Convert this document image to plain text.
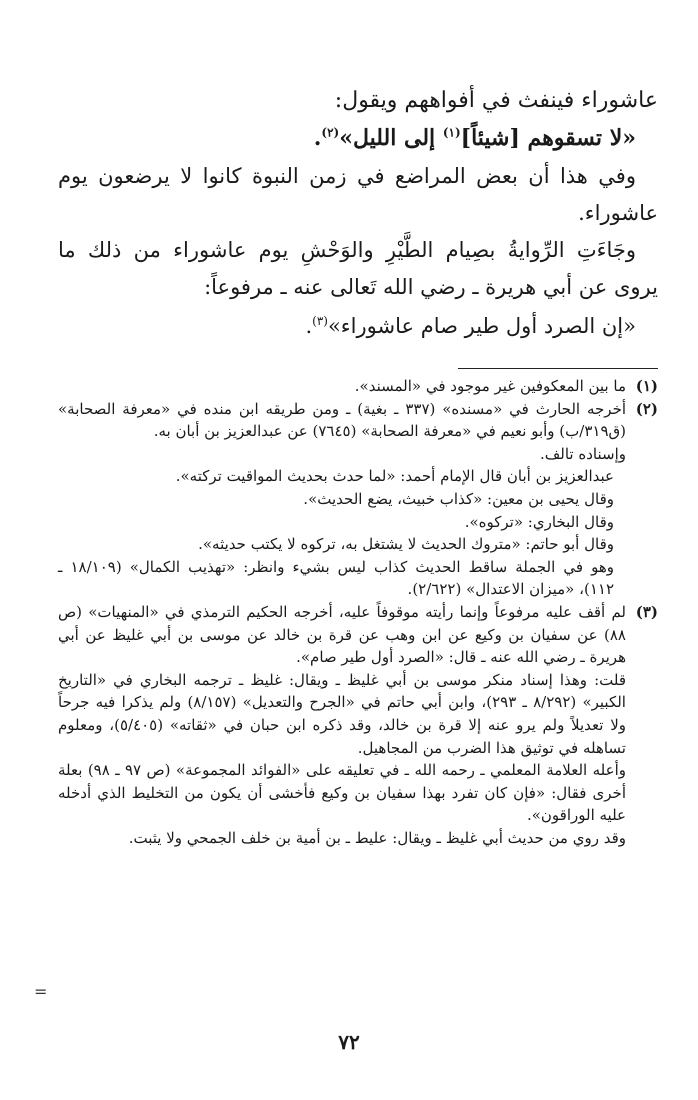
عاشوراء فينفث في أفواههم ويقول:

«لا تسقوهم [شيئاً]$^{(١)}$ إلى الليل»$^{(٢)}$.

وفي هذا أن بعض المراضع في زمن النبوة كانوا لا يرضعون يوم عاشوراء.

وجَاءَتِ الرِّوايةُ بصِيام الطَّيْرِ والوَحْشِ يوم عاشوراء من ذلك ما يروى عن أبي هريرة ـ رضي الله تَعالى عنه ـ مرفوعاً:

«إن الصرد أول طير صام عاشوراء»$^{(٣)}$.

(١)

ما بين المعكوفين غير موجود في «المسند».

(٢)

أخرجه الحارث في «مسنده» (٣٣٧ ـ بغية) ـ ومن طريقه ابن منده في «معرفة الصحابة» (ق٣١٩/ب) وأبو نعيم في «معرفة الصحابة» (٧٦٤٥) عن عبدالعزيز بن أبان به.

وإسناده تالف.

عبدالعزيز بن أبان قال الإمام أحمد: «لما حدث بحديث المواقيت تركته».

وقال يحيى بن معين: «كذاب خبيث، يضع الحديث».

وقال البخاري: «تركوه».

وقال أبو حاتم: «متروك الحديث لا يشتغل به، تركوه لا يكتب حديثه».

وهو في الجملة ساقط الحديث كذاب ليس بشيء وانظر: «تهذيب الكمال» (١٨/١٠٩ ـ ١١٢)، «ميزان الاعتدال» (٢/٦٢٢).

(٣)

لم أقف عليه مرفوعاً وإنما رأيته موقوفاً عليه، أخرجه الحكيم الترمذي في «المنهيات» (ص ٨٨) عن سفيان بن وكيع عن ابن وهب عن قرة بن خالد عن موسى بن أبي غليظ عن أبي هريرة ـ رضي الله عنه ـ قال: «الصرد أول طير صام».

قلت: وهذا إسناد منكر موسى بن أبي غليظ ـ ويقال: غليظ ـ ترجمه البخاري في «التاريخ الكبير» (٨/٢٩٢ ـ ٢٩٣)، وابن أبي حاتم في «الجرح والتعديل» (٨/١٥٧) ولم يذكرا فيه جرحاً ولا تعديلاً ولم يرو عنه إلا قرة بن خالد، وقد ذكره ابن حبان في «ثقاته» (٥/٤٠٥)، ومعلوم تساهله في توثيق هذا الضرب من المجاهيل.

وأعله العلامة المعلمي ـ رحمه الله ـ في تعليقه على «الفوائد المجموعة» (ص ٩٧ ـ ٩٨) بعلة أخرى فقال: «فإن كان تفرد بهذا سفيان بن وكيع فأخشى أن يكون من التخليط الذي أدخله عليه الوراقون».

وقد روي من حديث أبي غليظ ـ ويقال: عليط ـ بن أمية بن خلف الجمحي ولا يثبت.

=
٧٢
